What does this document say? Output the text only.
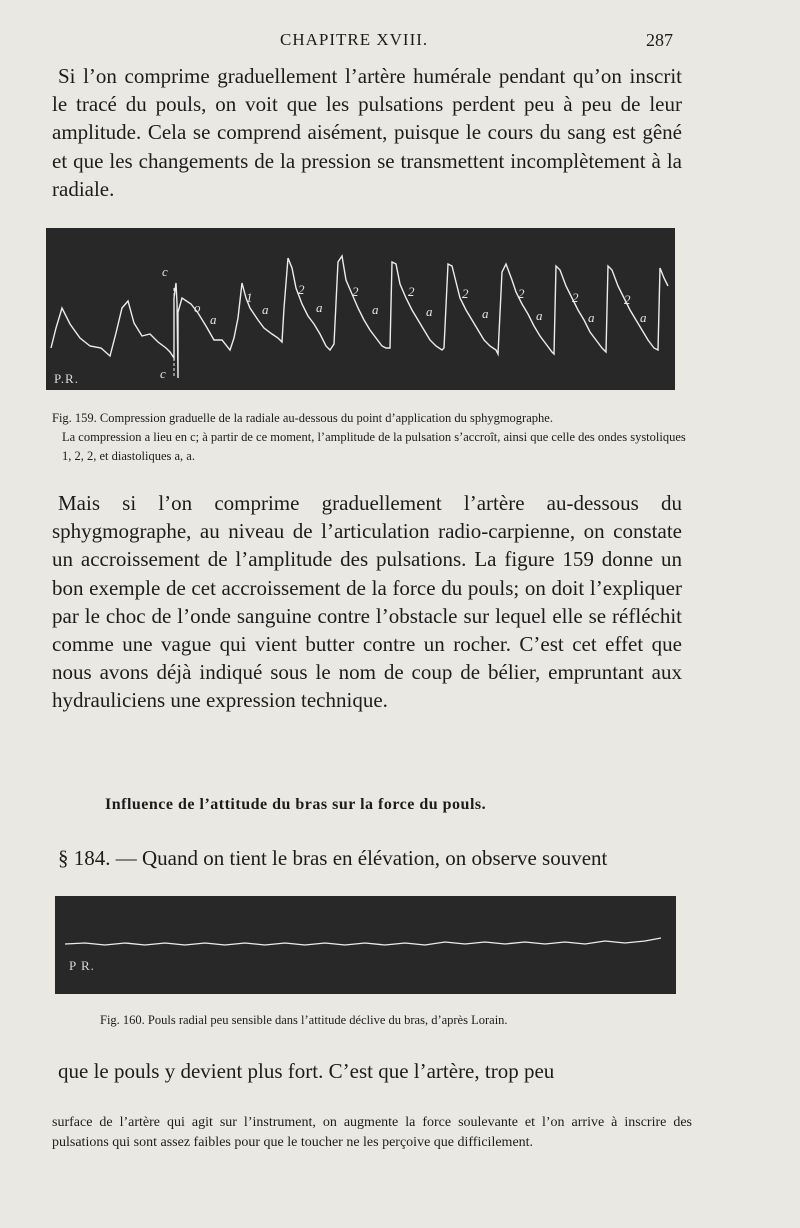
CHAPITRE XVIII.	287

Si l’on comprime graduellement l’artère humérale pendant qu’on inscrit le tracé du pouls, on voit que les pulsations perdent peu à peu de leur amplitude. Cela se comprend aisément, puisque le cours du sang est gêné et que les changements de la pression se transmettent incomplètement à la radiale.

c
c
o
a
1
a
2
a
2
a
2
a
2
a
2
a
2
a
2
a
P.R.
Fig. 159. Compression graduelle de la radiale au-dessous du point d’application du sphygmographe.
La compression a lieu en c; à partir de ce moment, l’amplitude de la pulsation s’accroît, ainsi que celle des ondes systoliques 1, 2, 2, et diastoliques a, a.

Mais si l’on comprime graduellement l’artère au-dessous du sphygmographe, au niveau de l’articulation radio-carpienne, on constate un accroissement de l’amplitude des pulsations. La figure 159 donne un bon exemple de cet accroissement de la force du pouls; on doit l’expliquer par le choc de l’onde sanguine contre l’obstacle sur lequel elle se réfléchit comme une vague qui vient butter contre un rocher. C’est cet effet que nous avons déjà indiqué sous le nom de coup de bélier, empruntant aux hydrauliciens une expression technique.

Influence de l’attitude du bras sur la force du pouls.

§ 184. — Quand on tient le bras en élévation, on observe souvent

P R.
Fig. 160. Pouls radial peu sensible dans l’attitude déclive du bras, d’après Lorain.

que le pouls y devient plus fort. C’est que l’artère, trop peu

surface de l’artère qui agit sur l’instrument, on augmente la force soulevante et l’on arrive à inscrire des pulsations qui sont assez faibles pour que le toucher ne les perçoive que difficilement.
